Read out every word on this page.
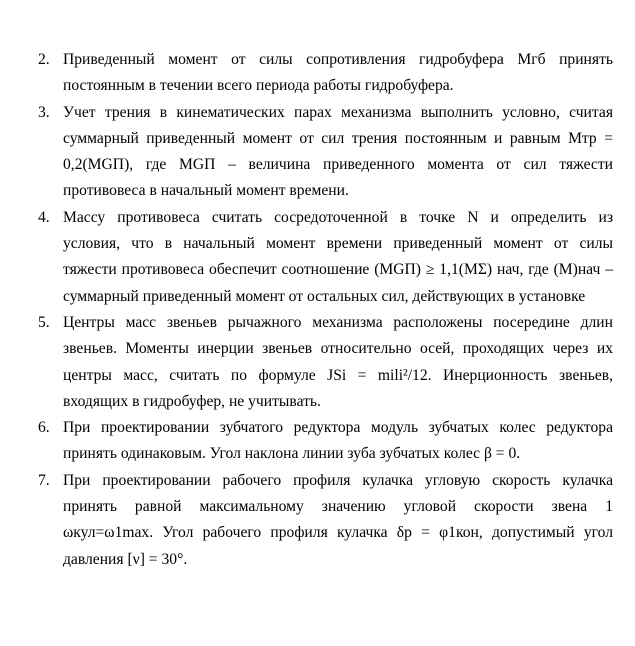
2. Приведенный момент от силы сопротивления гидробуфера Mгб принять
постоянным в течении всего периода работы гидробуфера.
3. Учет трения в кинематических парах механизма выполнить условно, считая
суммарный приведенный момент от сил трения постоянным и равным Mтр =
0,2(MGП), где MGП – величина приведенного момента от сил тяжести
противовеса в начальный момент времени.
4. Массу противовеса считать сосредоточенной в точке N и определить из
условия, что в начальный момент времени приведенный момент от силы
тяжести противовеса обеспечит соотношение (MGП) ≥ 1,1(MΣ) нач, где (M)нач –
суммарный приведенный момент от остальных сил, действующих в установке
5. Центры масс звеньев рычажного механизма расположены посередине длин
звеньев. Моменты инерции звеньев относительно осей, проходящих через их
центры масс, считать по формуле JSi = mili²/12. Инерционность звеньев,
входящих в гидробуфер, не учитывать.
6. При проектировании зубчатого редуктора модуль зубчатых колес редуктора
принять одинаковым. Угол наклона линии зуба зубчатых колес β = 0.
7. При проектировании рабочего профиля кулачка угловую скорость кулачка
принять равной максимальному значению угловой скорости звена 1
ωкул=ω1max. Угол рабочего профиля кулачка δр = φ1кон, допустимый угол
давления [ν] = 30°.
